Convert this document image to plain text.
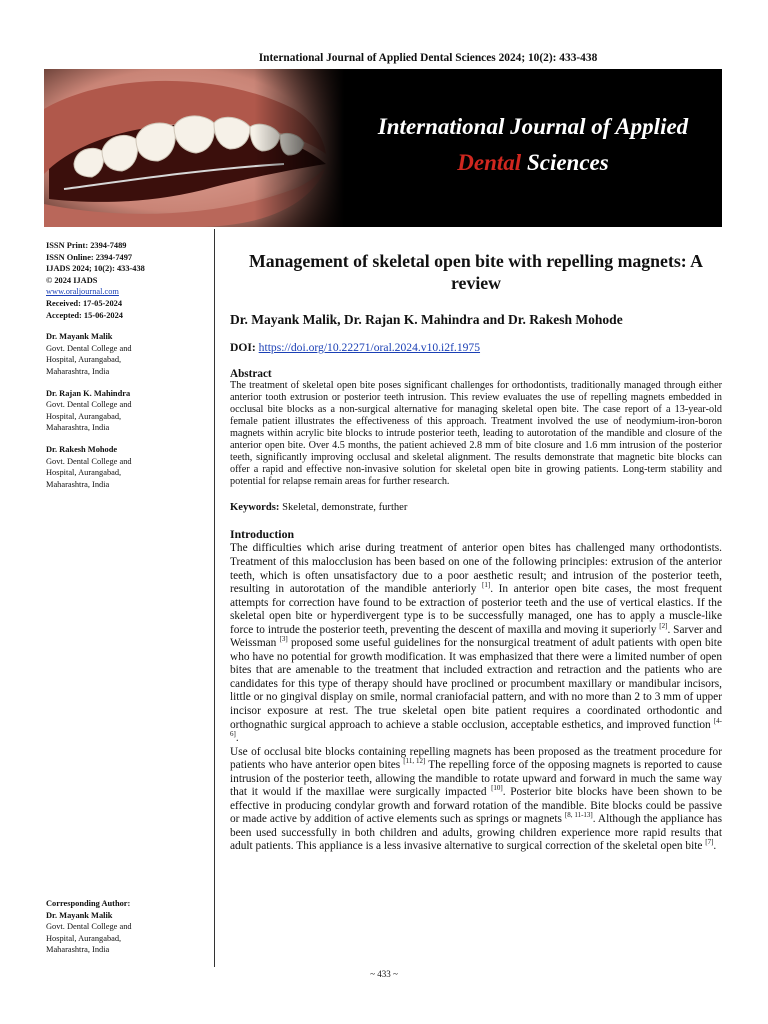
International Journal of Applied Dental Sciences 2024; 10(2): 433-438
International Journal of Applied
Dental Sciences
ISSN Print: 2394-7489
ISSN Online: 2394-7497
IJADS 2024; 10(2): 433-438
© 2024 IJADS
www.oraljournal.com
Received: 17-05-2024
Accepted: 15-06-2024
Dr. Mayank Malik
Govt. Dental College and
Hospital, Aurangabad,
Maharashtra, India
Dr. Rajan K. Mahindra
Govt. Dental College and
Hospital, Aurangabad,
Maharashtra, India
Dr. Rakesh Mohode
Govt. Dental College and
Hospital, Aurangabad,
Maharashtra, India
Corresponding Author:
Dr. Mayank Malik
Govt. Dental College and
Hospital, Aurangabad,
Maharashtra, India
Management of skeletal open bite with repelling magnets: A review
Dr. Mayank Malik, Dr. Rajan K. Mahindra and Dr. Rakesh Mohode
DOI: https://doi.org/10.22271/oral.2024.v10.i2f.1975
Abstract

The treatment of skeletal open bite poses significant challenges for orthodontists, traditionally managed through either anterior tooth extrusion or posterior teeth intrusion. This review evaluates the use of repelling magnets embedded in occlusal bite blocks as a non-surgical alternative for managing skeletal open bite. The case report of a 13-year-old female patient illustrates the effectiveness of this approach. Treatment involved the use of neodymium-iron-boron magnets within acrylic bite blocks to intrude posterior teeth, leading to autorotation of the mandible and closure of the anterior open bite. Over 4.5 months, the patient achieved 2.8 mm of bite closure and 1.6 mm intrusion of the posterior teeth, significantly improving occlusal and skeletal alignment. The results demonstrate that magnetic bite blocks can offer a rapid and effective non-invasive solution for skeletal open bite in growing patients. Long-term stability and potential for relapse remain areas for further research.

Keywords: Skeletal, demonstrate, further
Introduction

The difficulties which arise during treatment of anterior open bites has challenged many orthodontists. Treatment of this malocclusion has been based on one of the following principles: extrusion of the anterior teeth, which is often unsatisfactory due to a poor aesthetic result; and intrusion of the posterior teeth, resulting in autorotation of the mandible anteriorly [1]. In anterior open bite cases, the most frequent attempts for correction have found to be extraction of posterior teeth and the use of vertical elastics. If the skeletal open bite or hyperdivergent type is to be successfully managed, one has to apply a muscle-like force to intrude the posterior teeth, preventing the descent of maxilla and moving it superiorly [2]. Sarver and Weissman [3] proposed some useful guidelines for the nonsurgical treatment of adult patients with open bite who have no potential for growth modification. It was emphasized that there were a limited number of open bites that are amenable to the treatment that included extraction and retraction and the patients who are candidates for this type of therapy should have proclined or procumbent maxillary or mandibular incisors, little or no gingival display on smile, normal craniofacial pattern, and with no more than 2 to 3 mm of upper incisor exposure at rest. The true skeletal open bite patient requires a coordinated orthodontic and orthognathic surgical approach to achieve a stable occlusion, acceptable esthetics, and improved function [4-6].

Use of occlusal bite blocks containing repelling magnets has been proposed as the treatment procedure for patients who have anterior open bites [11, 12] The repelling force of the opposing magnets is reported to cause intrusion of the posterior teeth, allowing the mandible to rotate upward and forward in much the same way that it would if the maxillae were surgically impacted [10]. Posterior bite blocks have been shown to be effective in producing condylar growth and forward rotation of the mandible. Bite blocks could be passive or made active by addition of active elements such as springs or magnets [8, 11-13]. Although the appliance has been used successfully in both children and adults, growing children experience more rapid results that adult patients. This appliance is a less invasive alternative to surgical correction of the skeletal open bite [7].

~ 433 ~
